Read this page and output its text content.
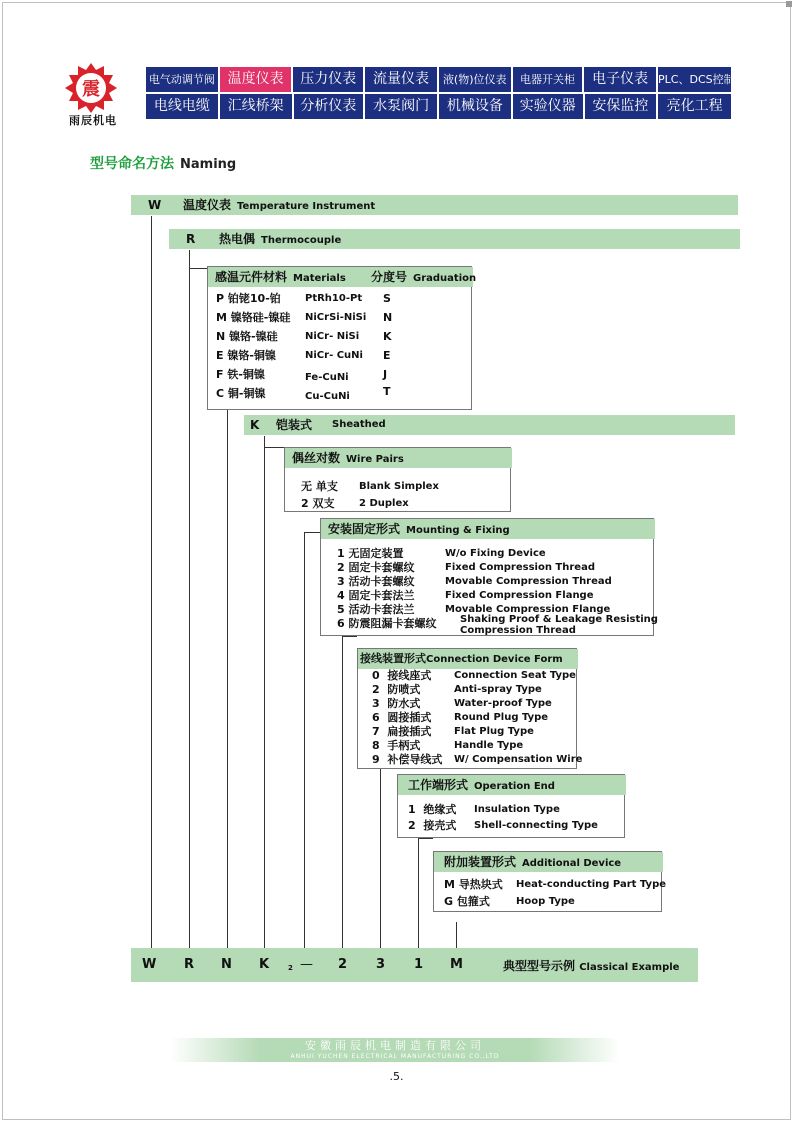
震
雨辰机电
电气动调节阀 温度仪表	压力仪表	流量仪表	液(物)位仪表	电器开关柜	电子仪表 PLC、DCS控制系统
电线电缆	汇线桥架	分析仪表	水泵阀门	机械设备	实验仪器	安保监控	亮化工程
型号命名方法 Naming
W 温度仪表 Temperature Instrument
R 热电偶 Thermocouple
感温元件材料 Materials 分度号 Graduation
P 铂铑10-铂 PtRh10-Pt S
M 镍铬硅-镍硅 NiCrSi-NiSi N
N 镍铬-镍硅	NiCr- NiSi K
E 镍铬-铜镍	NiCr- CuNi E
F 铁-铜镍	Fe-CuNi	J
C 铜-铜镍	Cu-CuNi	T
K 铠装式 Sheathed
偶丝对数 Wire Pairs
无 单支 Blank Simplex
2 双支 2 Duplex
安装固定形式 Mounting & Fixing
1 无固定装置	W/o Fixing Device
2 固定卡套螺纹	Fixed Compression Thread
3 活动卡套螺纹	Movable Compression Thread
4 固定卡套法兰	Fixed Compression Flange
5 活动卡套法兰	Movable Compression Flange
6 防震阻漏卡套螺纹 Shaking Proof & Leakage Resisting
Compression Thread
接线装置形式Connection Device Form
0 接线座式 Connection Seat Type
2 防喷式	Anti-spray Type
3 防水式	Water-proof Type
6 圆接插式 Round Plug Type
7 扁接插式 Flat Plug Type
8 手柄式	Handle Type
9 补偿导线式 W/ Compensation Wire
工作端形式 Operation End
1 绝缘式 Insulation Type
2 接壳式 Shell-connecting Type
附加装置形式 Additional Device
M 导热块式 Heat-conducting Part Type
G 包箍式	Hoop Type
W R N K	2 — 2 3 1 M	典型型号示例 Classical Example
安徽雨辰机电制造有限公司
ANHUI YUCHEN ELECTRICAL MANUFACTURING CO.,LTD
.5.
